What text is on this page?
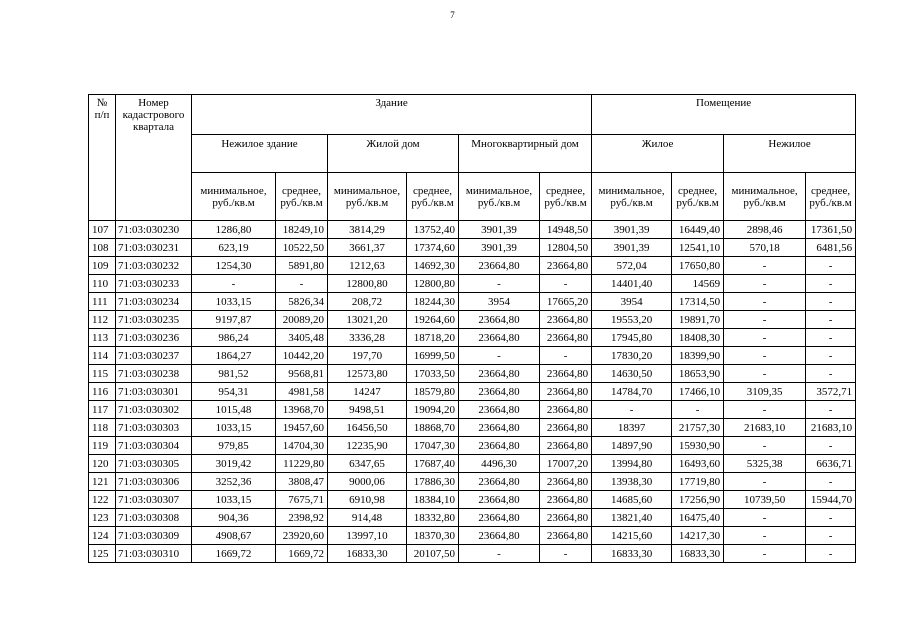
7
№ п/п	Номер кадастрового квартала	Здание						Помещение			
		Нежилое здание		Жилой дом		Многоквартирный дом		Жилое		Нежилое	
		минимальное, руб./кв.м	среднее, руб./кв.м	минимальное, руб./кв.м	среднее, руб./кв.м	минимальное, руб./кв.м	среднее, руб./кв.м	минимальное, руб./кв.м	среднее, руб./кв.м	минимальное, руб./кв.м	среднее, руб./кв.м
107	71:03:030230	1286,80	18249,10	3814,29	13752,40	3901,39	14948,50	3901,39	16449,40	2898,46	17361,50
108	71:03:030231	623,19	10522,50	3661,37	17374,60	3901,39	12804,50	3901,39	12541,10	570,18	6481,56
109	71:03:030232	1254,30	5891,80	1212,63	14692,30	23664,80	23664,80	572,04	17650,80	-	-
110	71:03:030233	-	-	12800,80	12800,80	-	-	14401,40	14569	-	-
111	71:03:030234	1033,15	5826,34	208,72	18244,30	3954	17665,20	3954	17314,50	-	-
112	71:03:030235	9197,87	20089,20	13021,20	19264,60	23664,80	23664,80	19553,20	19891,70	-	-
113	71:03:030236	986,24	3405,48	3336,28	18718,20	23664,80	23664,80	17945,80	18408,30	-	-
114	71:03:030237	1864,27	10442,20	197,70	16999,50	-	-	17830,20	18399,90	-	-
115	71:03:030238	981,52	9568,81	12573,80	17033,50	23664,80	23664,80	14630,50	18653,90	-	-
116	71:03:030301	954,31	4981,58	14247	18579,80	23664,80	23664,80	14784,70	17466,10	3109,35	3572,71
117	71:03:030302	1015,48	13968,70	9498,51	19094,20	23664,80	23664,80	-	-	-	-
118	71:03:030303	1033,15	19457,60	16456,50	18868,70	23664,80	23664,80	18397	21757,30	21683,10	21683,10
119	71:03:030304	979,85	14704,30	12235,90	17047,30	23664,80	23664,80	14897,90	15930,90	-	-
120	71:03:030305	3019,42	11229,80	6347,65	17687,40	4496,30	17007,20	13994,80	16493,60	5325,38	6636,71
121	71:03:030306	3252,36	3808,47	9000,06	17886,30	23664,80	23664,80	13938,30	17719,80	-	-
122	71:03:030307	1033,15	7675,71	6910,98	18384,10	23664,80	23664,80	14685,60	17256,90	10739,50	15944,70
123	71:03:030308	904,36	2398,92	914,48	18332,80	23664,80	23664,80	13821,40	16475,40	-	-
124	71:03:030309	4908,67	23920,60	13997,10	18370,30	23664,80	23664,80	14215,60	14217,30	-	-
125	71:03:030310	1669,72	1669,72	16833,30	20107,50	-	-	16833,30	16833,30	-	-
